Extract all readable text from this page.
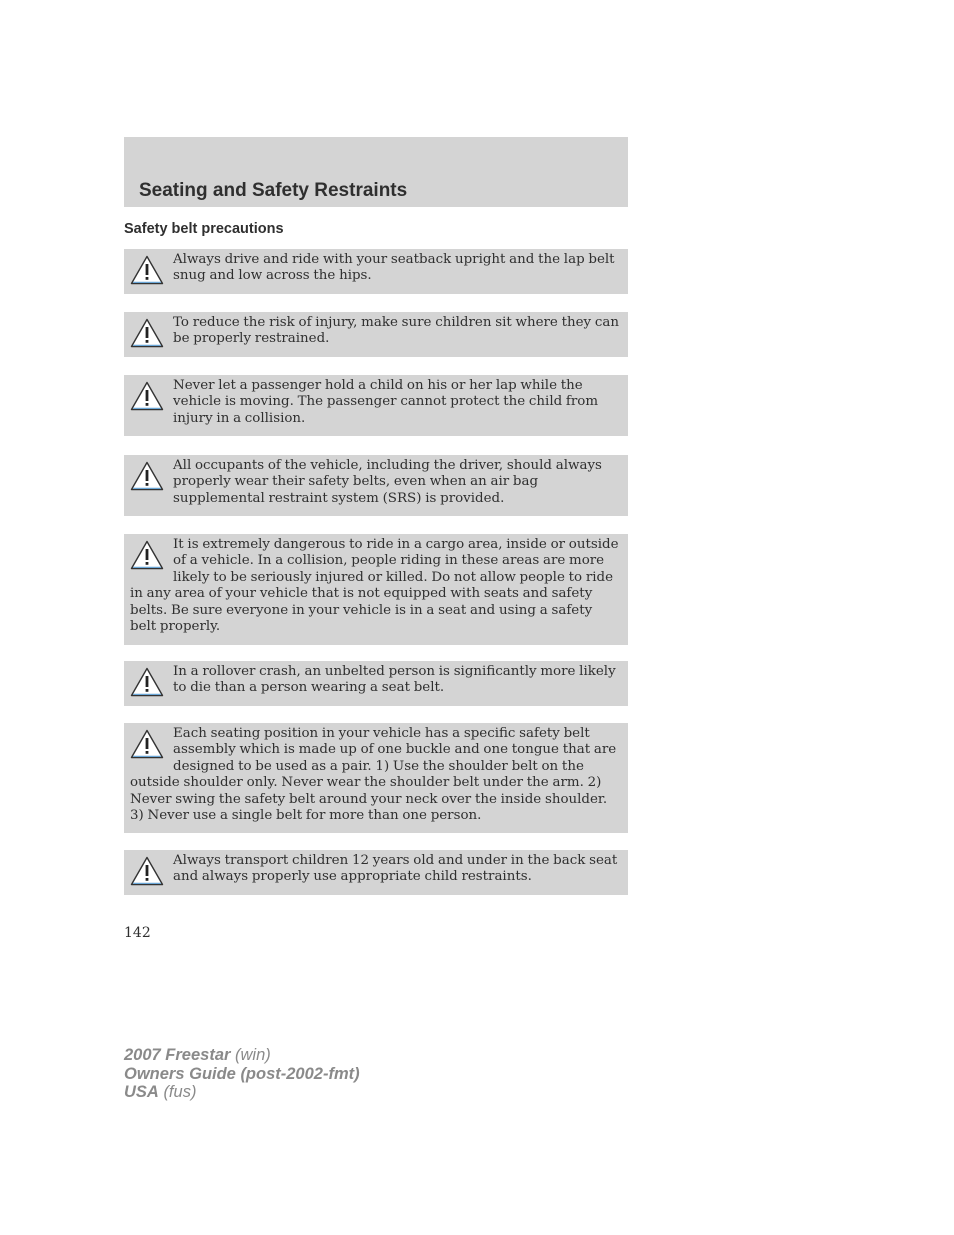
Seating and Safety Restraints
Safety belt precautions
Always drive and ride with your seatback upright and the lap belt snug and low across the hips.
To reduce the risk of injury, make sure children sit where they can be properly restrained.
Never let a passenger hold a child on his or her lap while the vehicle is moving. The passenger cannot protect the child from injury in a collision.
All occupants of the vehicle, including the driver, should always properly wear their safety belts, even when an air bag supplemental restraint system (SRS) is provided.
It is extremely dangerous to ride in a cargo area, inside or outside of a vehicle. In a collision, people riding in these areas are more likely to be seriously injured or killed. Do not allow people to ride in any area of your vehicle that is not equipped with seats and safety belts. Be sure everyone in your vehicle is in a seat and using a safety belt properly.
In a rollover crash, an unbelted person is significantly more likely to die than a person wearing a seat belt.
Each seating position in your vehicle has a specific safety belt assembly which is made up of one buckle and one tongue that are designed to be used as a pair. 1) Use the shoulder belt on the outside shoulder only. Never wear the shoulder belt under the arm. 2) Never swing the safety belt around your neck over the inside shoulder. 3) Never use a single belt for more than one person.
Always transport children 12 years old and under in the back seat and always properly use appropriate child restraints.
142
2007 Freestar (win)
Owners Guide (post-2002-fmt)
USA (fus)
